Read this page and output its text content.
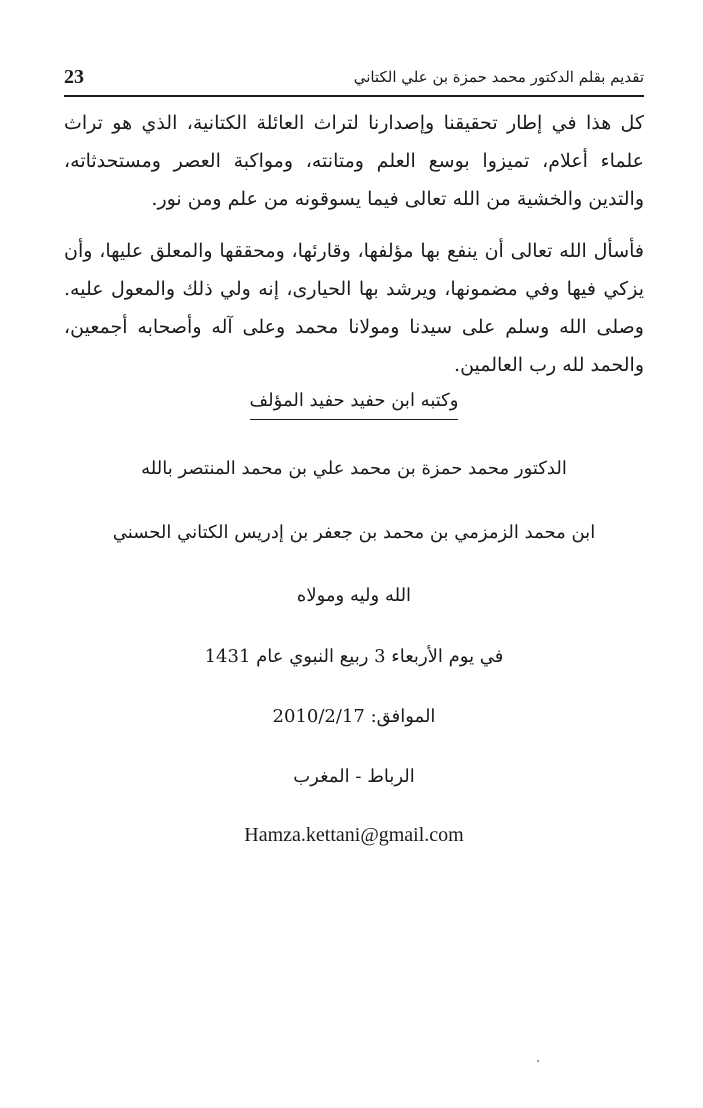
23	تقديم بقلم الدكتور محمد حمزة بن علي الكتاني

كل هذا في إطار تحقيقنا وإصدارنا لتراث العائلة الكتانية، الذي هو تراث علماء أعلام، تميزوا بوسع العلم ومتانته، ومواكبة العصر ومستحدثاته، والتدين والخشية من الله تعالى فيما يسوقونه من علم ومن نور.

فأسأل الله تعالى أن ينفع بها مؤلفها، وقارئها، ومحققها والمعلق عليها، وأن يزكي فيها وفي مضمونها، ويرشد بها الحيارى، إنه ولي ذلك والمعول عليه. وصلى الله وسلم على سيدنا ومولانا محمد وعلى آله وأصحابه أجمعين، والحمد لله رب العالمين.

وكتبه ابن حفيد حفيد المؤلف
الدكتور محمد حمزة بن محمد علي بن محمد المنتصر بالله
ابن محمد الزمزمي بن محمد بن جعفر بن إدريس الكتاني الحسني
الله وليه ومولاه
في يوم الأربعاء 3 ربيع النبوي عام 1431
الموافق: 2010/2/17
الرباط - المغرب
Hamza.kettani@gmail.com
